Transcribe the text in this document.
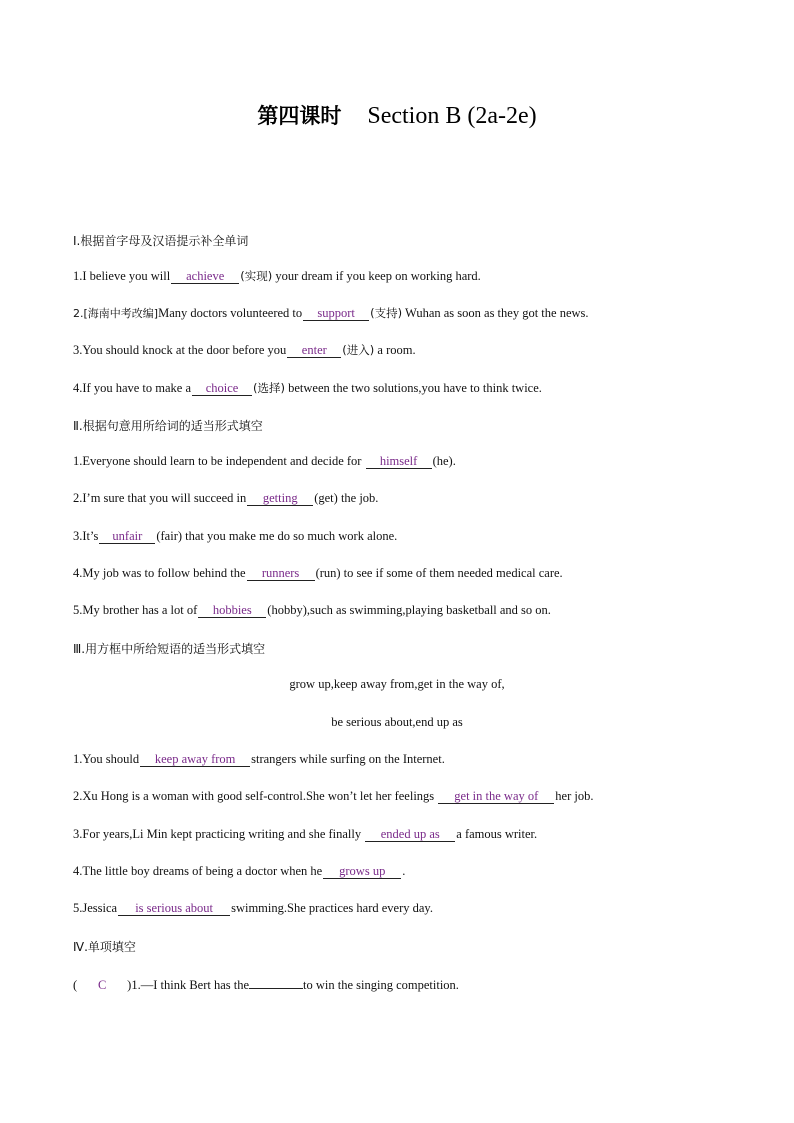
第四课时 Section B (2a-2e)
Ⅰ.根据首字母及汉语提示补全单词
1.I believe you will achieve (实现) your dream if you keep on working hard.
2.[海南中考改编]Many doctors volunteered to support (支持) Wuhan as soon as they got the news.
3.You should knock at the door before you enter (进入) a room.
4.If you have to make a choice (选择) between the two solutions,you have to think twice.
Ⅱ.根据句意用所给词的适当形式填空
1.Everyone should learn to be independent and decide for himself (he).
2.I’m sure that you will succeed in getting (get) the job.
3.It’s unfair (fair) that you make me do so much work alone.
4.My job was to follow behind the runners (run) to see if some of them needed medical care.
5.My brother has a lot of hobbies (hobby),such as swimming,playing basketball and so on.
Ⅲ.用方框中所给短语的适当形式填空
grow up,keep away from,get in the way of,
be serious about,end up as
1.You should keep away from strangers while surfing on the Internet.
2.Xu Hong is a woman with good self-control.She won’t let her feelings get in the way of her job.
3.For years,Li Min kept practicing writing and she finally ended up as a famous writer.
4.The little boy dreams of being a doctor when he grows up .
5.Jessica is serious about swimming.She practices hard every day.
Ⅳ.单项填空
( C )1.—I think Bert has the	to win the singing competition.
